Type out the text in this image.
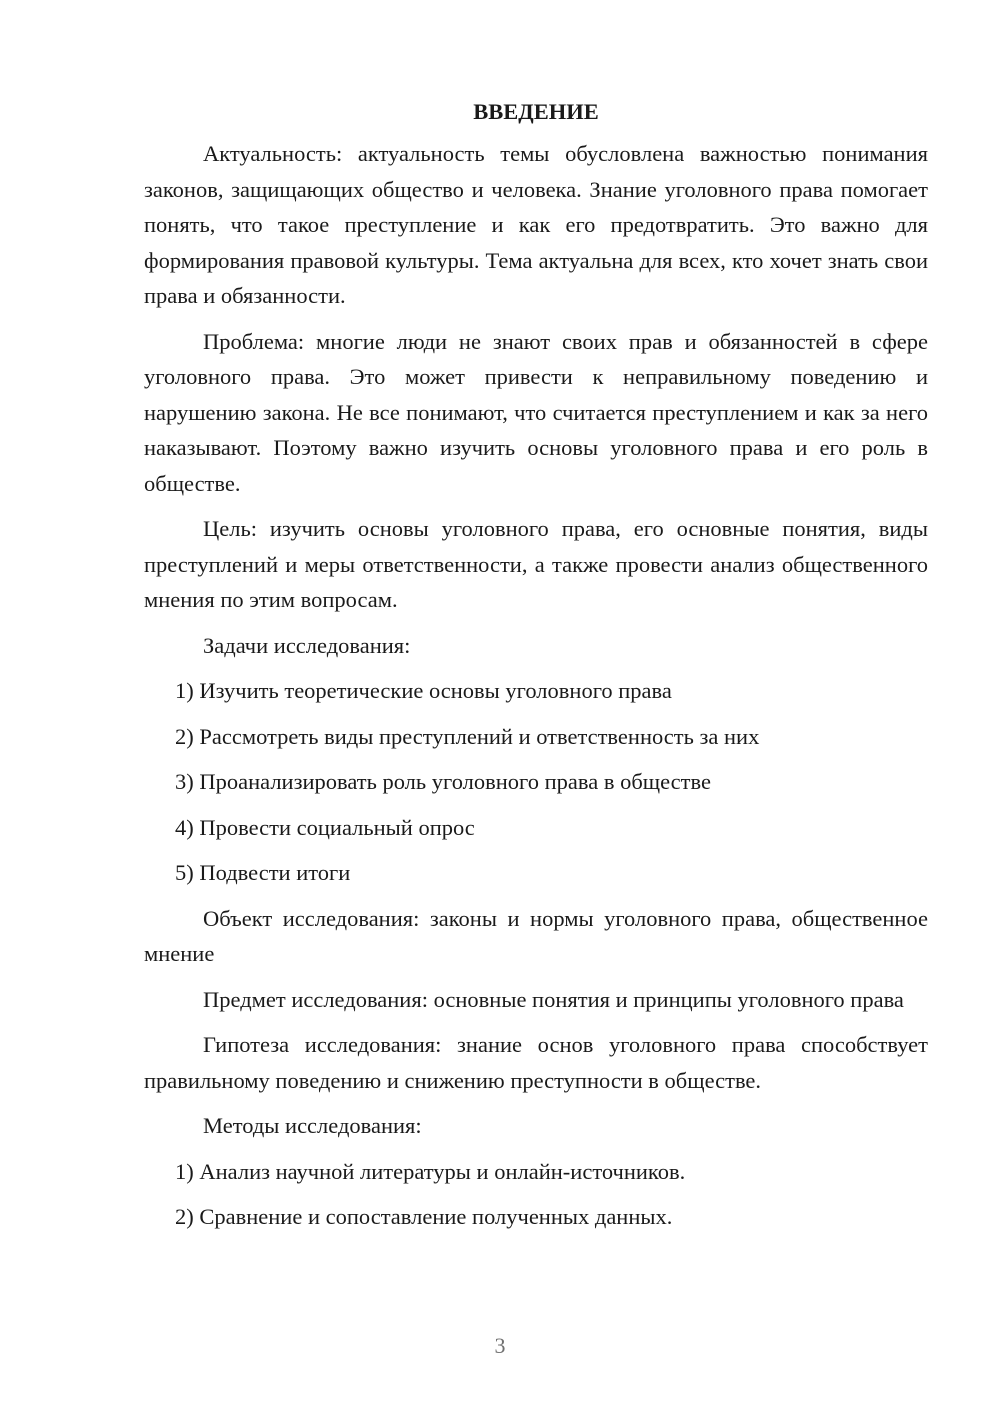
ВВЕДЕНИЕ
Актуальность: актуальность темы обусловлена важностью понимания законов, защищающих общество и человека. Знание уголовного права помогает понять, что такое преступление и как его предотвратить. Это важно для формирования правовой культуры. Тема актуальна для всех, кто хочет знать свои права и обязанности.
Проблема: многие люди не знают своих прав и обязанностей в сфере уголовного права. Это может привести к неправильному поведению и нарушению закона. Не все понимают, что считается преступлением и как за него наказывают. Поэтому важно изучить основы уголовного права и его роль в обществе.
Цель: изучить основы уголовного права, его основные понятия, виды преступлений и меры ответственности, а также провести анализ общественного мнения по этим вопросам.
Задачи исследования:
1) Изучить теоретические основы уголовного права
2) Рассмотреть виды преступлений и ответственность за них
3) Проанализировать роль уголовного права в обществе
4) Провести социальный опрос
5) Подвести итоги
Объект исследования: законы и нормы уголовного права, общественное мнение
Предмет исследования: основные понятия и принципы уголовного права
Гипотеза исследования: знание основ уголовного права способствует правильному поведению и снижению преступности в обществе.
Методы исследования:
1) Анализ научной литературы и онлайн-источников.
2) Сравнение и сопоставление полученных данных.
3
